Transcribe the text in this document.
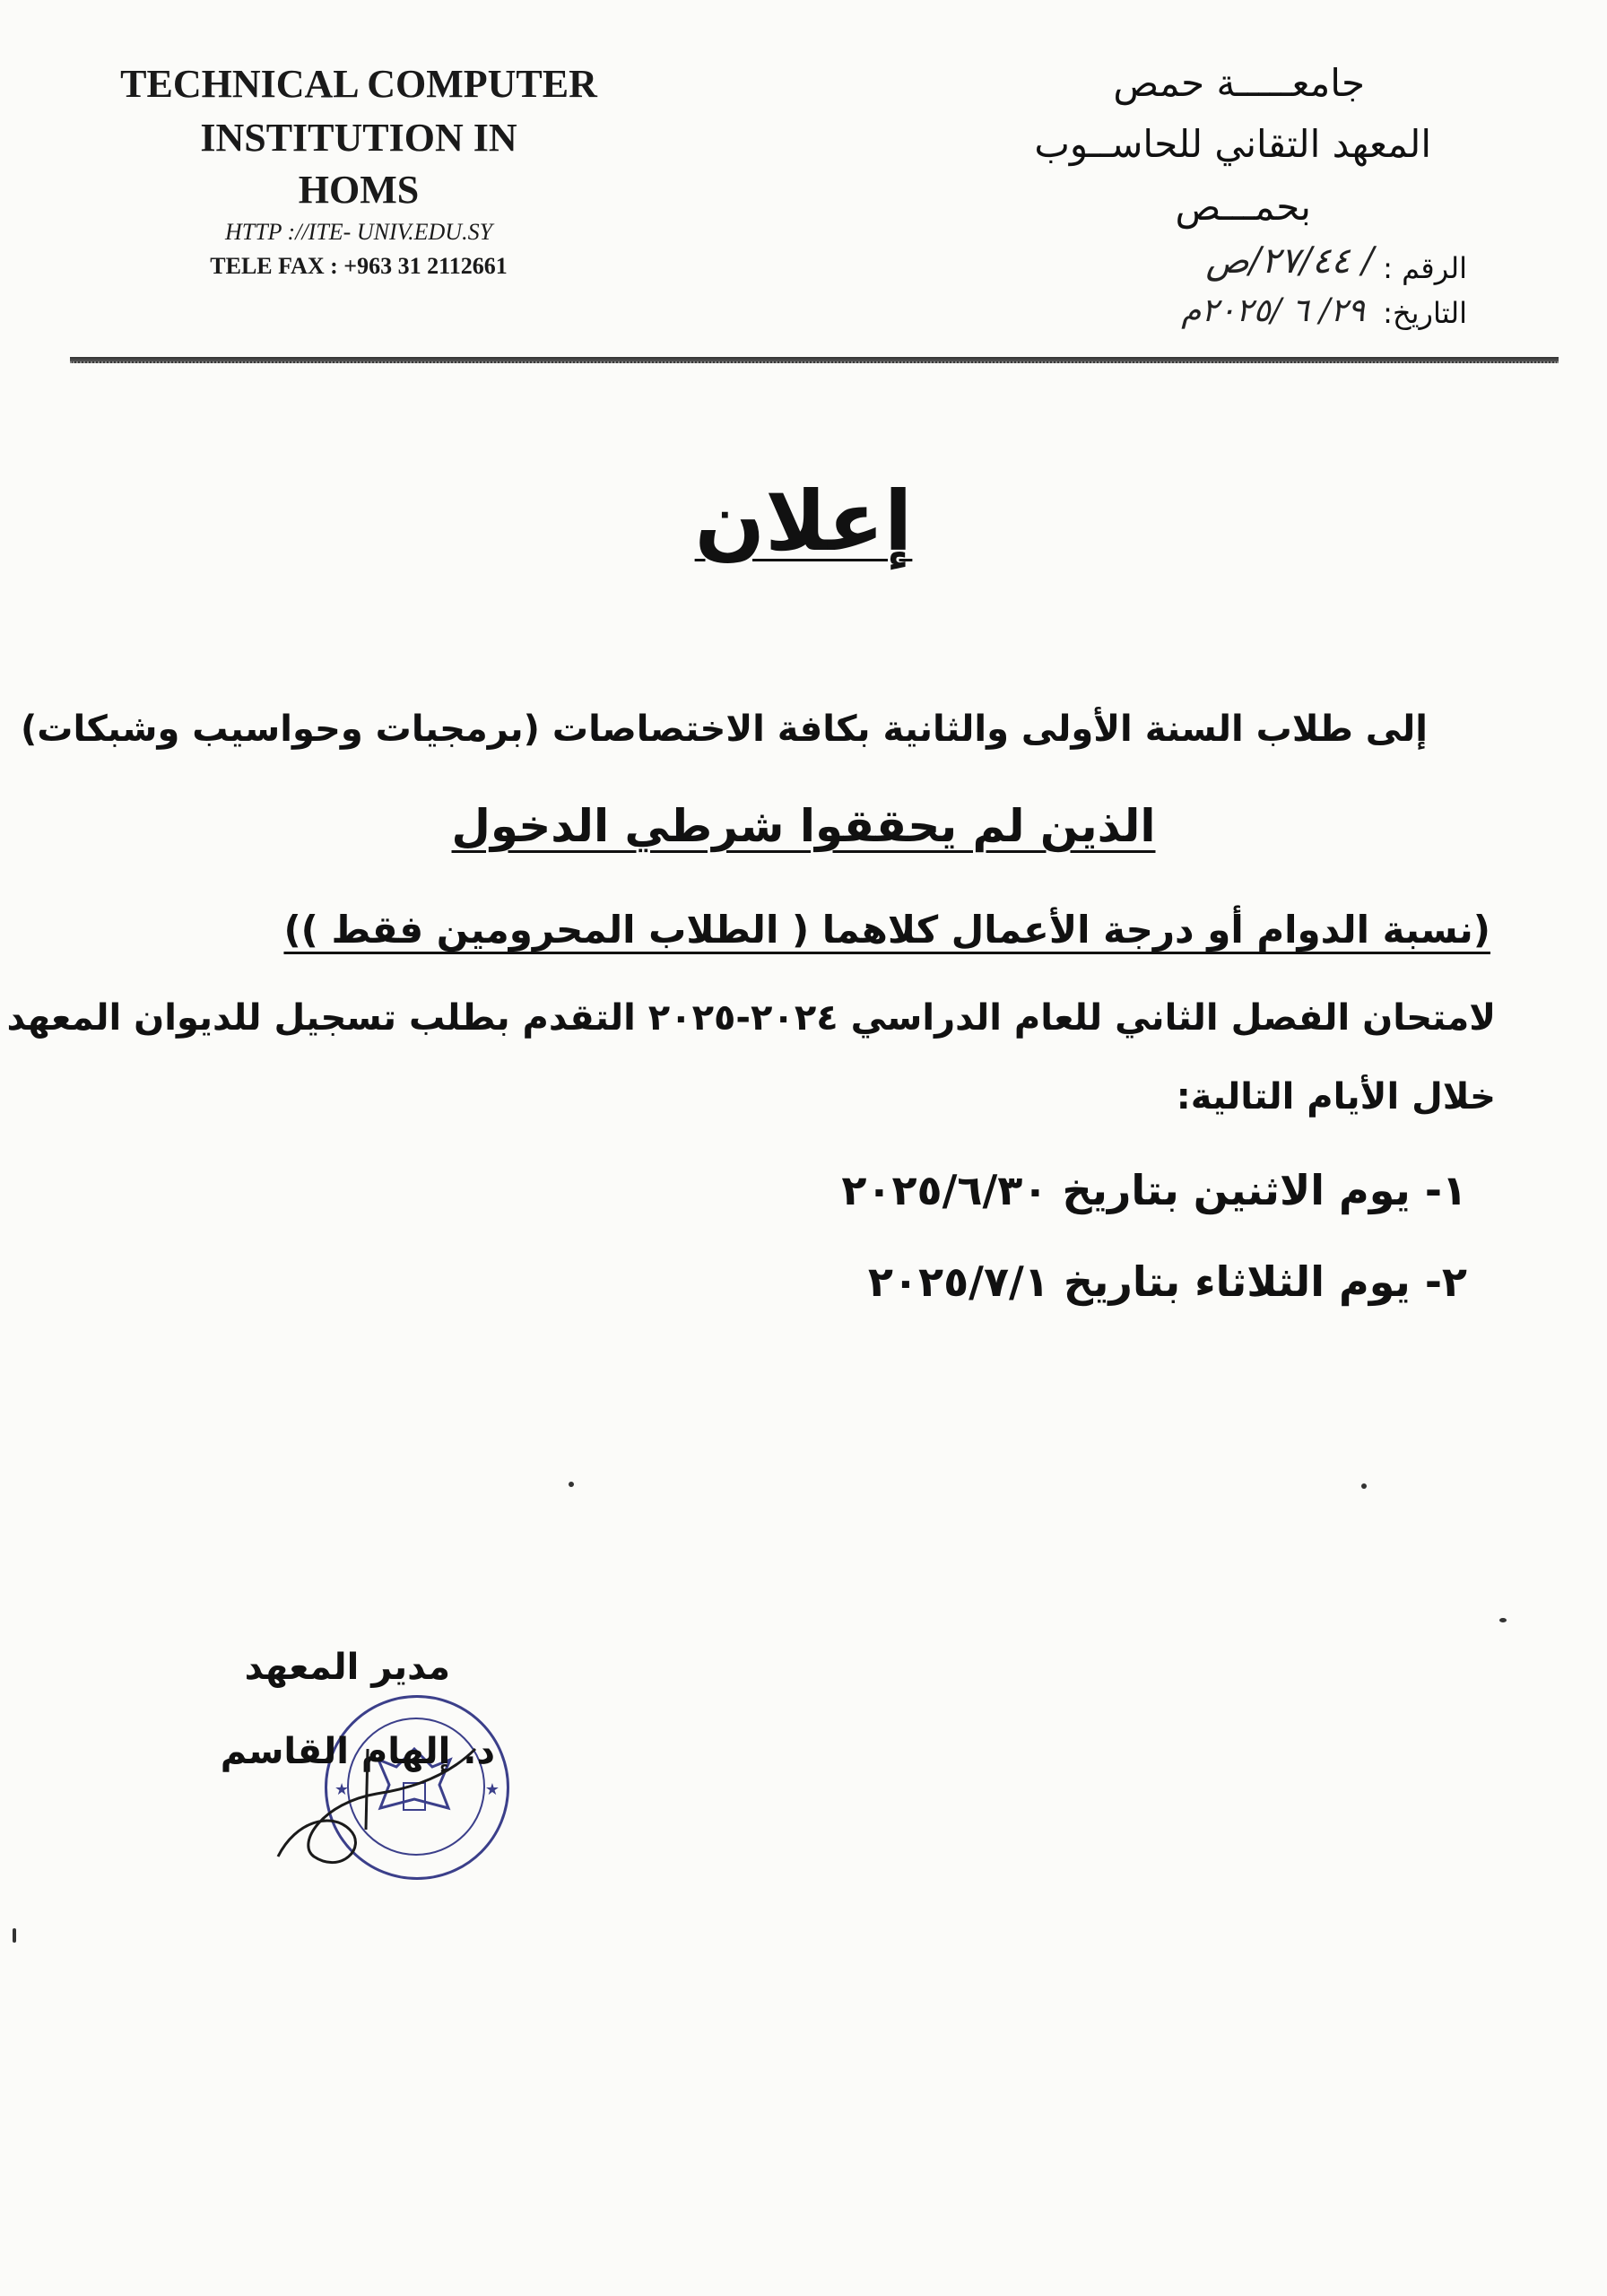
TECHNICAL COMPUTER
INSTITUTION IN
HOMS
HTTP ://ITE- UNIV.EDU.SY
TELE FAX : +963 31 2112661
جامعـــــة حمص
المعهد التقاني للحاســوب
بحمـــص
الرقم :
/ ٢٧/٤٤/ص
التاريخ:
٢٩/ ٦ /٢٠٢٥م
إعلان
إلى طلاب السنة الأولى والثانية بكافة الاختصاصات (برمجيات وحواسيب وشبكات)
الذين لم يحققوا شرطي الدخول
(نسبة الدوام أو درجة الأعمال كلاهما ( الطلاب المحرومين فقط ))
لامتحان الفصل الثاني للعام الدراسي ٢٠٢٤-٢٠٢٥ التقدم بطلب تسجيل للديوان المعهد
خلال الأيام التالية:
١- يوم الاثنين بتاريخ ٢٠٢٥/٦/٣٠
٢- يوم الثلاثاء بتاريخ ٢٠٢٥/٧/١
مدير المعهد
★	★
د. إلهام القاسم
